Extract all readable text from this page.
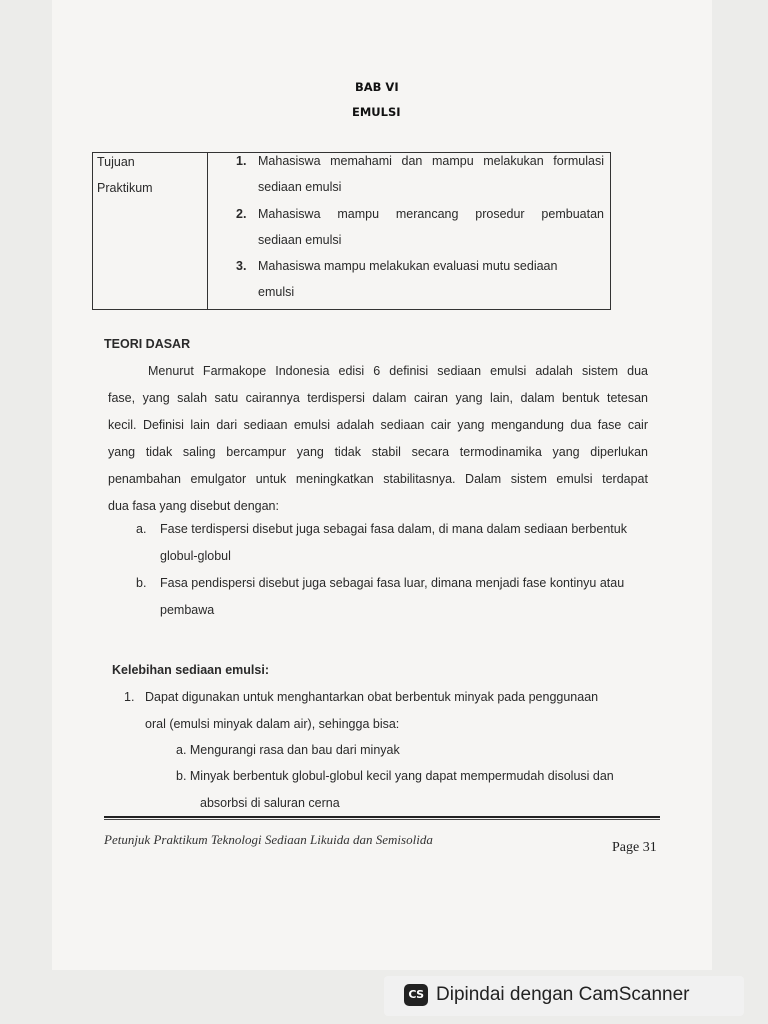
BAB VI
EMULSI
Tujuan
Praktikum

1. Mahasiswa memahami dan mampu melakukan formulasi
sediaan emulsi
2. Mahasiswa mampu merancang prosedur pembuatan
sediaan emulsi
3. Mahasiswa mampu melakukan evaluasi mutu sediaan
emulsi
TEORI DASAR
Menurut Farmakope Indonesia edisi 6 definisi sediaan emulsi adalah sistem dua
fase, yang salah satu cairannya terdispersi dalam cairan yang lain, dalam bentuk tetesan
kecil. Definisi lain dari sediaan emulsi adalah sediaan cair yang mengandung dua fase cair
yang tidak saling bercampur yang tidak stabil secara termodinamika yang diperlukan
penambahan emulgator untuk meningkatkan stabilitasnya. Dalam sistem emulsi terdapat
dua fasa yang disebut dengan:
a. Fase terdispersi disebut juga sebagai fasa dalam, di mana dalam sediaan berbentuk
globul-globul
b. Fasa pendispersi disebut juga sebagai fasa luar, dimana menjadi fase kontinyu atau
pembawa
Kelebihan sediaan emulsi:
1. Dapat digunakan untuk menghantarkan obat berbentuk minyak pada penggunaan
oral (emulsi minyak dalam air), sehingga bisa:
a. Mengurangi rasa dan bau dari minyak
b. Minyak berbentuk globul-globul kecil yang dapat mempermudah disolusi dan
absorbsi di saluran cerna
Petunjuk Praktikum Teknologi Sediaan Likuida dan Semisolida
Page 31
CS Dipindai dengan CamScanner
